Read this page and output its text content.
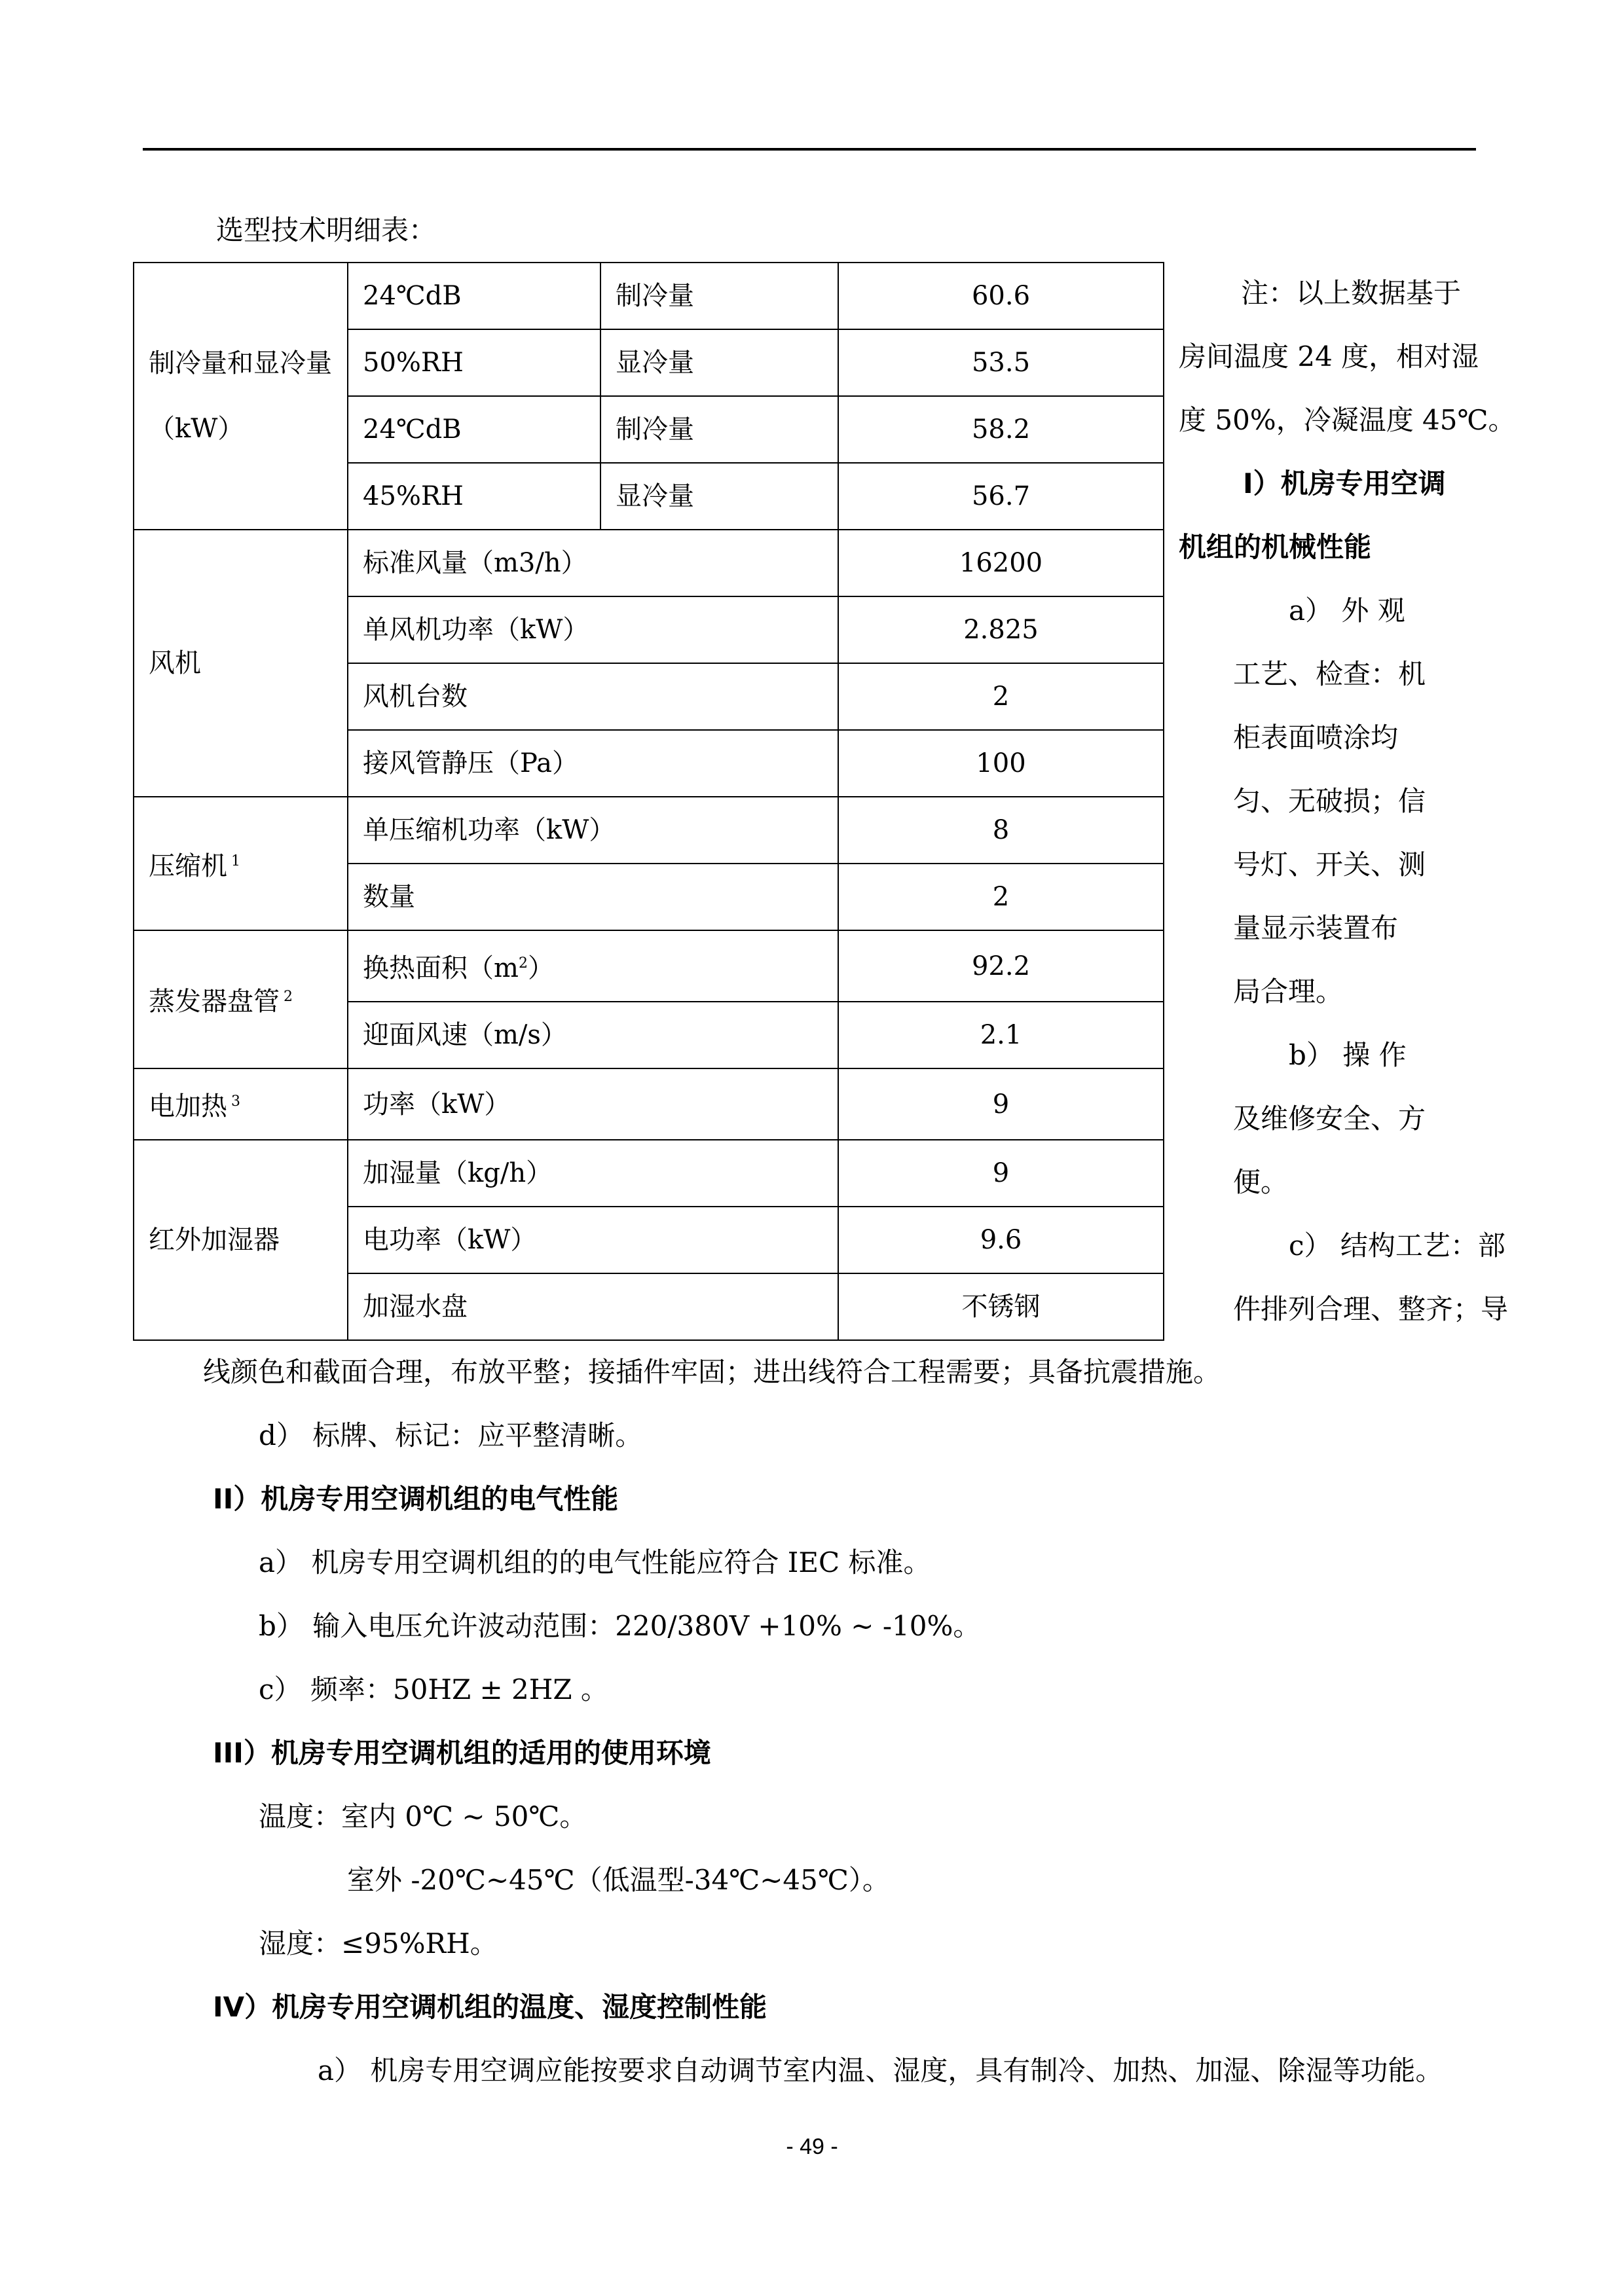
选型技术明细表：
制冷量和显冷量（kW）	24℃dB	制冷量	60.6
	50%RH	显冷量	53.5
	24℃dB	制冷量	58.2
	45%RH	显冷量	56.7
风机	标准风量（m3/h）		16200
	单风机功率（kW）		2.825
	风机台数		2
	接风管静压（Pa）		100
压缩机 $^1$	单压缩机功率（kW）		8
	数量		2
蒸发器盘管 $^2$	换热面积$(m^2)$		92.2
	迎面风速（m/s）		2.1
电加热 $^3$	功率（kW）		9
红外加湿器	加湿量（kg/h）		9
	电功率（kW）		9.6
	加湿水盘		不锈钢
注：以上数据基于
房间温度 24 度，相对湿
度 50%，冷凝温度 45℃。
I）机房专用空调
机组的机械性能
a） 外 观
工艺、检查：机
柜表面喷涂均
匀、无破损；信
号灯、开关、测
量显示装置布
局合理。
b） 操 作
及维修安全、方
便。
c） 结构工艺：部
件排列合理、整齐；导
线颜色和截面合理，布放平整；接插件牢固；进出线符合工程需要；具备抗震措施。
d） 标牌、标记：应平整清晰。
II）机房专用空调机组的电气性能
a） 机房专用空调机组的的电气性能应符合 IEC 标准。
b） 输入电压允许波动范围：220/380V +10% ~ -10%。
c） 频率：50HZ ± 2HZ 。
III）机房专用空调机组的适用的使用环境
温度：室内 0℃ ~ 50℃。
室外 -20℃~45℃（低温型-34℃~45℃）。
湿度：≤95%RH。
IV）机房专用空调机组的温度、湿度控制性能
a） 机房专用空调应能按要求自动调节室内温、湿度，具有制冷、加热、加湿、除湿等功能。
- 49 -
